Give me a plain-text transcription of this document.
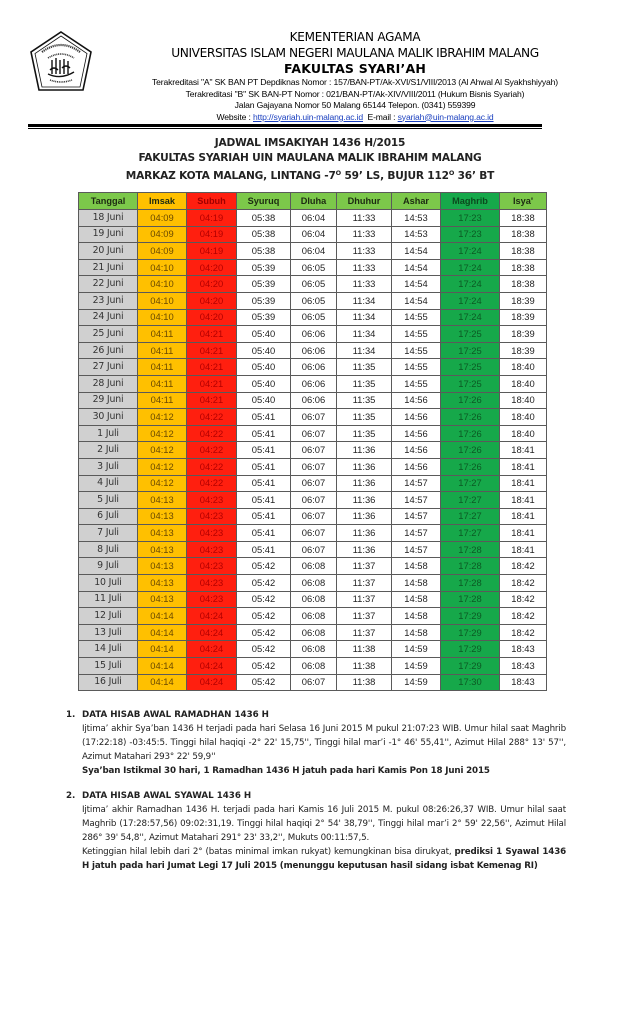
KEMENTERIAN AGAMA
UNIVERSITAS ISLAM NEGERI MAULANA MALIK IBRAHIM MALANG
FAKULTAS SYARI’AH
Terakreditasi "A" SK BAN PT Depdiknas Nomor : 157/BAN-PT/Ak-XVI/S1/VIII/2013 (Al Ahwal Al Syakhshiyyah)
Terakreditasi "B" SK BAN-PT Nomor : 021/BAN-PT/Ak-XIV/VIII/2011 (Hukum Bisnis Syariah)
Jalan Gajayana Nomor 50 Malang 65144 Telepon. (0341) 559399
Website : http://syariah.uin-malang.ac.id E-mail : syariah@uin-malang.ac.id
JADWAL IMSAKIYAH 1436 H/2015
FAKULTAS SYARIAH UIN MAULANA MALIK IBRAHIM MALANG
MARKAZ KOTA MALANG, LINTANG $-7^O$ 59’ LS, BUJUR $112^O$ 36’ BT
Tanggal	Imsak	Subuh	Syuruq	Dluha	Dhuhur	Ashar	Maghrib	Isya'
18 Juni	04:09	04:19	05:38	06:04	11:33	14:53	17:23	18:38
19 Juni	04:09	04:19	05:38	06:04	11:33	14:53	17:23	18:38
20 Juni	04:09	04:19	05:38	06:04	11:33	14:54	17:24	18:38
21 Juni	04:10	04:20	05:39	06:05	11:33	14:54	17:24	18:38
22 Juni	04:10	04:20	05:39	06:05	11:33	14:54	17:24	18:38
23 Juni	04:10	04:20	05:39	06:05	11:34	14:54	17:24	18:39
24 Juni	04:10	04:20	05:39	06:05	11:34	14:55	17:24	18:39
25 Juni	04:11	04:21	05:40	06:06	11:34	14:55	17:25	18:39
26 Juni	04:11	04:21	05:40	06:06	11:34	14:55	17:25	18:39
27 Juni	04:11	04:21	05:40	06:06	11:35	14:55	17:25	18:40
28 Juni	04:11	04:21	05:40	06:06	11:35	14:55	17:25	18:40
29 Juni	04:11	04:21	05:40	06:06	11:35	14:56	17:26	18:40
30 Juni	04:12	04:22	05:41	06:07	11:35	14:56	17:26	18:40
1 Juli	04:12	04:22	05:41	06:07	11:35	14:56	17:26	18:40
2 Juli	04:12	04:22	05:41	06:07	11:36	14:56	17:26	18:41
3 Juli	04:12	04:22	05:41	06:07	11:36	14:56	17:26	18:41
4 Juli	04:12	04:22	05:41	06:07	11:36	14:57	17:27	18:41
5 Juli	04:13	04:23	05:41	06:07	11:36	14:57	17:27	18:41
6 Juli	04:13	04:23	05:41	06:07	11:36	14:57	17:27	18:41
7 Juli	04:13	04:23	05:41	06:07	11:36	14:57	17:27	18:41
8 Juli	04:13	04:23	05:41	06:07	11:36	14:57	17:28	18:41
9 Juli	04:13	04:23	05:42	06:08	11:37	14:58	17:28	18:42
10 Juli	04:13	04:23	05:42	06:08	11:37	14:58	17:28	18:42
11 Juli	04:13	04:23	05:42	06:08	11:37	14:58	17:28	18:42
12 Juli	04:14	04:24	05:42	06:08	11:37	14:58	17:29	18:42
13 Juli	04:14	04:24	05:42	06:08	11:37	14:58	17:29	18:42
14 Juli	04:14	04:24	05:42	06:08	11:38	14:59	17:29	18:43
15 Juli	04:14	04:24	05:42	06:08	11:38	14:59	17:29	18:43
16 Juli	04:14	04:24	05:42	06:07	11:38	14:59	17:30	18:43
1. DATA HISAB AWAL RAMADHAN 1436 H
Ijtima’ akhir Sya’ban 1436 H terjadi pada hari Selasa 16 Juni 2015 M pukul 21:07:23 WIB. Umur hilal saat Maghrib (17:22:18) -03:45:5. Tinggi hilal haqiqi -2° 22' 15,75'', Tinggi hilal mar’i -1° 46' 55,41'', Azimut Hilal 288° 13' 57'', Azimut Matahari 293° 22' 59,9''
Sya’ban Istikmal 30 hari, 1 Ramadhan 1436 H jatuh pada hari Kamis Pon 18 Juni 2015
2. DATA HISAB AWAL SYAWAL 1436 H
Ijtima’ akhir Ramadhan 1436 H. terjadi pada hari Kamis 16 Juli 2015 M. pukul 08:26:26,37 WIB. Umur hilal saat Maghrib (17:28:57,56) 09:02:31,19. Tinggi hilal haqiqi 2° 54' 38,79'', Tinggi hilal mar’i 2° 59' 22,56'', Azimut Hilal 286° 39' 54,8'', Azimut Matahari 291° 23' 33,2'', Mukuts 00:11:57,5.
Ketinggian hilal lebih dari 2° (batas minimal imkan rukyat) kemungkinan bisa dirukyat, prediksi 1 Syawal 1436 H jatuh pada hari Jumat Legi 17 Juli 2015 (menunggu keputusan hasil sidang isbat Kemenag RI)
